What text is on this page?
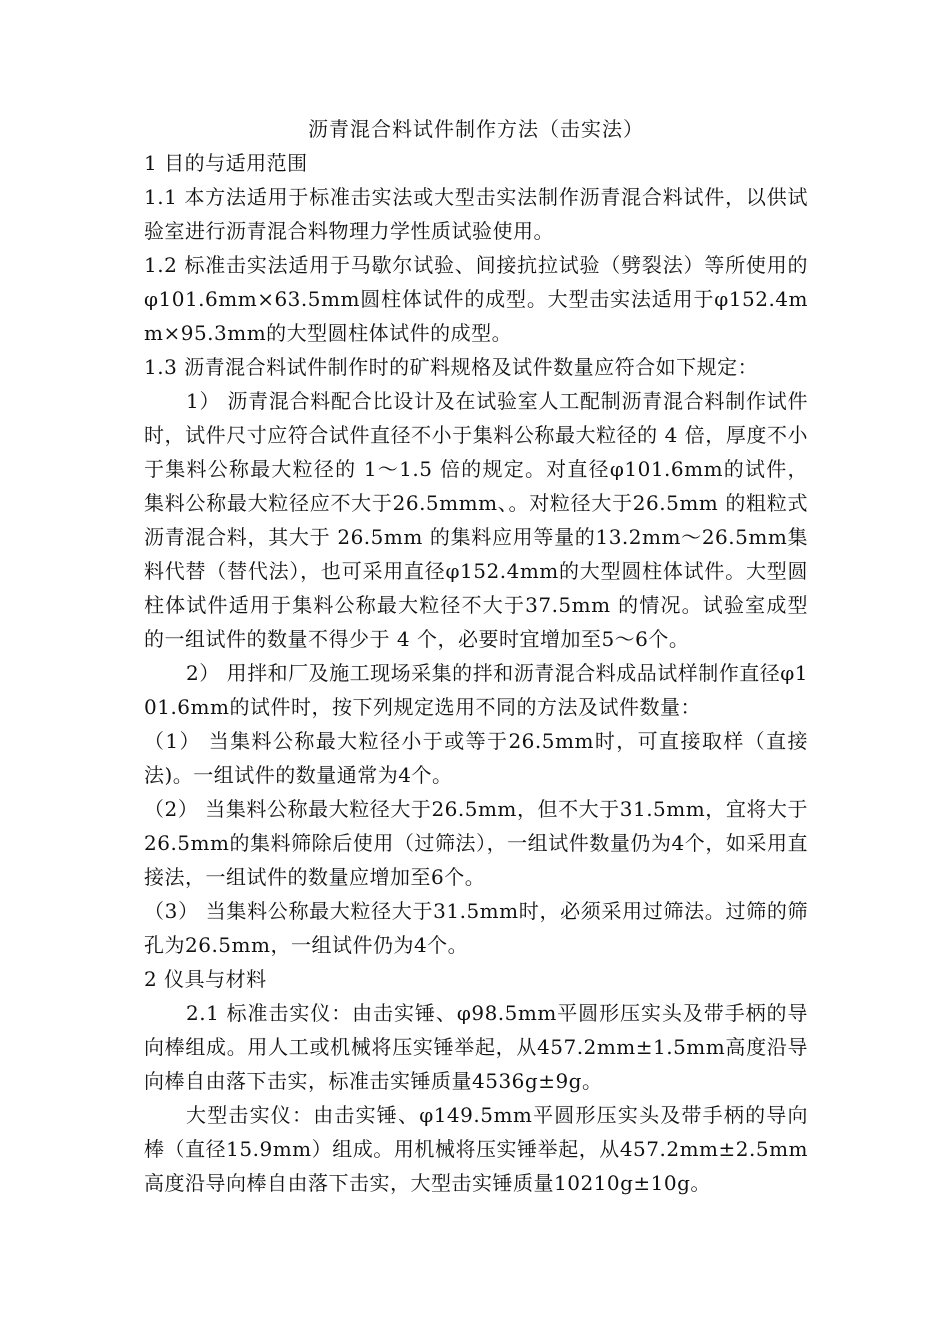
沥青混合料试件制作方法（击实法）

1 目的与适用范围

1.1 本方法适用于标准击实法或大型击实法制作沥青混合料试件，以供试验室进行沥青混合料物理力学性质试验使用。

1.2 标准击实法适用于马歇尔试验、间接抗拉试验（劈裂法）等所使用的φ101.6mm×63.5mm圆柱体试件的成型。大型击实法适用于φ152.4mm×95.3mm的大型圆柱体试件的成型。

1.3 沥青混合料试件制作时的矿料规格及试件数量应符合如下规定：

1） 沥青混合料配合比设计及在试验室人工配制沥青混合料制作试件时，试件尺寸应符合试件直径不小于集料公称最大粒径的 4 倍，厚度不小于集料公称最大粒径的 1～1.5 倍的规定。对直径φ101.6mm的试件，集料公称最大粒径应不大于26.5mmm、。对粒径大于26.5mm 的粗粒式沥青混合料，其大于 26.5mm 的集料应用等量的13.2mm～26.5mm集料代替（替代法），也可采用直径φ152.4mm的大型圆柱体试件。大型圆柱体试件适用于集料公称最大粒径不大于37.5mm 的情况。试验室成型的一组试件的数量不得少于 4 个，必要时宜增加至5～6个。

2） 用拌和厂及施工现场采集的拌和沥青混合料成品试样制作直径φ101.6mm的试件时，按下列规定选用不同的方法及试件数量：

（1） 当集料公称最大粒径小于或等于26.5mm时，可直接取样（直接法)。一组试件的数量通常为4个。

（2） 当集料公称最大粒径大于26.5mm，但不大于31.5mm，宜将大于26.5mm的集料筛除后使用（过筛法），一组试件数量仍为4个，如采用直接法，一组试件的数量应增加至6个。

（3） 当集料公称最大粒径大于31.5mm时，必须采用过筛法。过筛的筛孔为26.5mm，一组试件仍为4个。

2 仪具与材料

2.1 标准击实仪：由击实锤、φ98.5mm平圆形压实头及带手柄的导向棒组成。用人工或机械将压实锤举起，从457.2mm±1.5mm高度沿导向棒自由落下击实，标准击实锤质量4536g±9g。

大型击实仪：由击实锤、φ149.5mm平圆形压实头及带手柄的导向棒（直径15.9mm）组成。用机械将压实锤举起，从457.2mm±2.5mm高度沿导向棒自由落下击实，大型击实锤质量10210g±10g。
